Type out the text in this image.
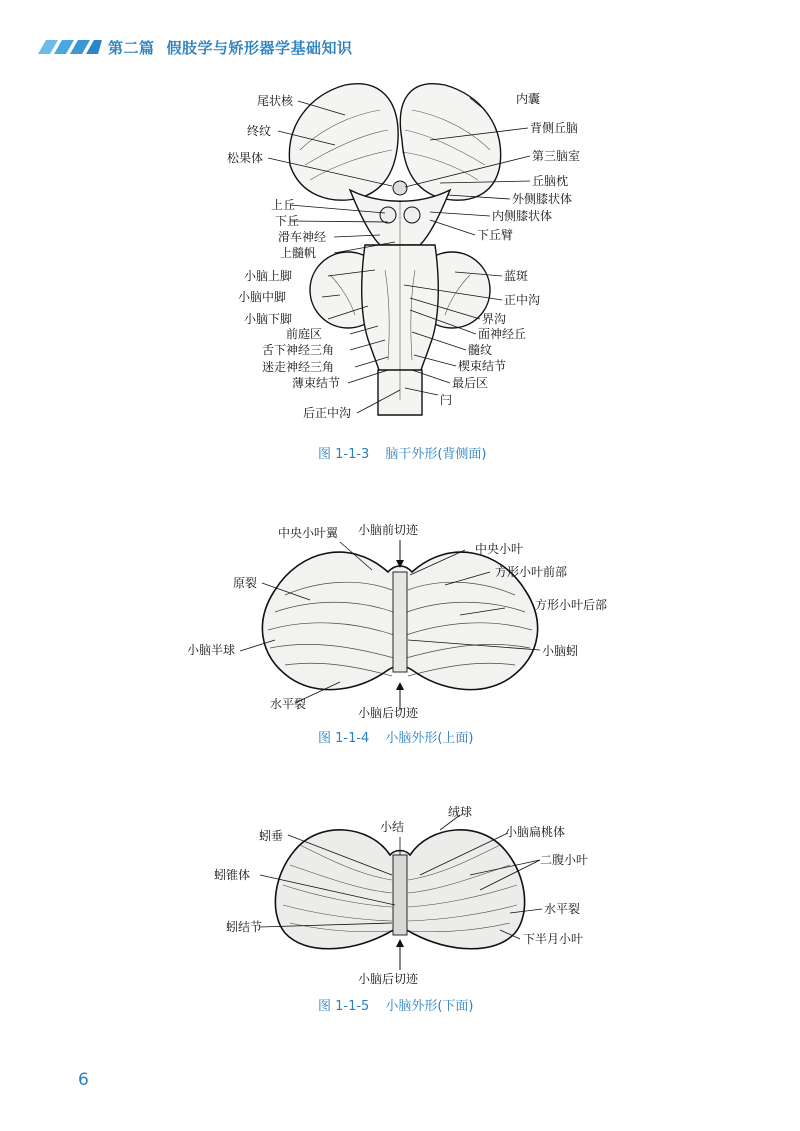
第二篇 假肢学与矫形器学基础知识
尾状核
终纹
松果体
上丘
下丘
滑车神经
上髓帆
小脑上脚
小脑中脚
小脑下脚
前庭区
舌下神经三角
迷走神经三角
薄束结节
后正中沟
内囊
背侧丘脑
第三脑室
丘脑枕
外侧膝状体
内侧膝状体
下丘臂
蓝斑
正中沟
界沟
面神经丘
髓纹
楔束结节
最后区
闩
图 1-1-3 脑干外形(背侧面)
中央小叶翼 小脑前切迹
中央小叶
原裂
方形小叶前部
方形小叶后部
小脑半球	小脑蚓
水平裂
小脑后切迹
图 1-1-4 小脑外形(上面)
小结
绒球
蚓垂	小脑扁桃体
蚓锥体
二腹小叶
蚓结节
水平裂
下半月小叶
小脑后切迹
图 1-1-5 小脑外形(下面)
6
